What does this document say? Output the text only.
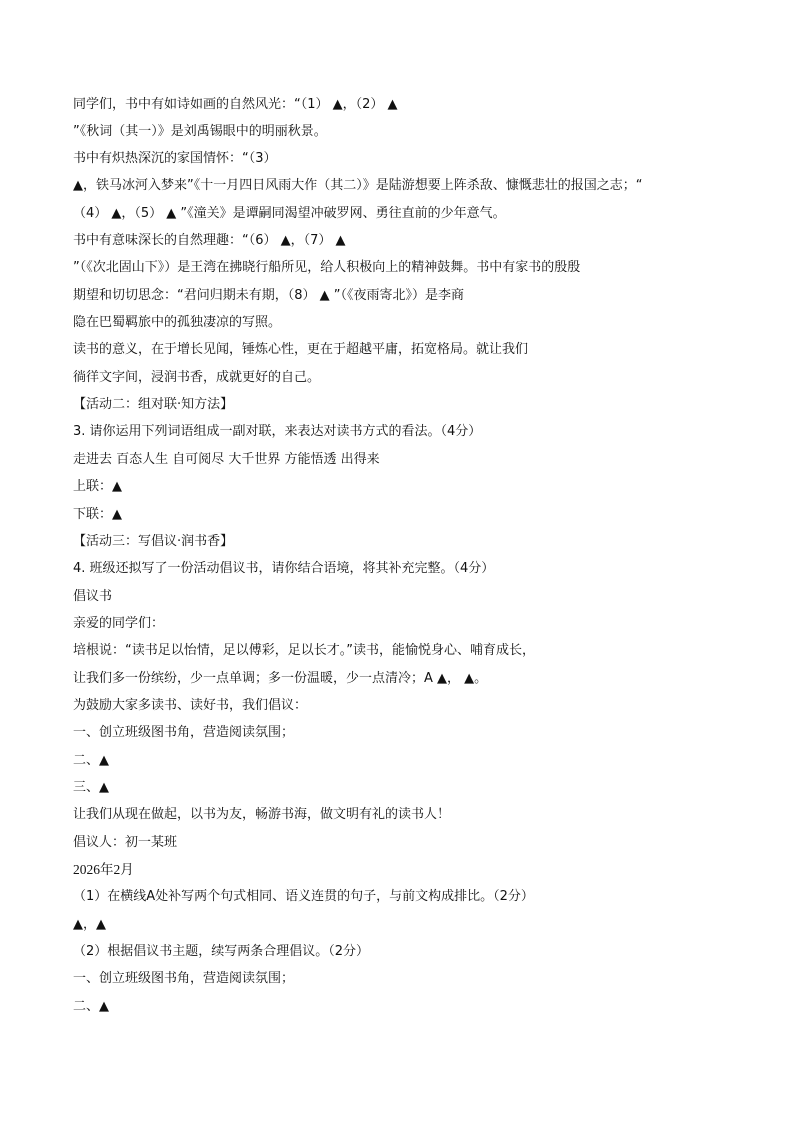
同学们，书中有如诗如画的自然风光：“（1） ▲，（2） ▲
”《秋词（其一）》是刘禹锡眼中的明丽秋景。
书中有炽热深沉的家国情怀：“（3）
▲，铁马冰河入梦来”《十一月四日风雨大作（其二）》是陆游想要上阵杀敌、慷慨悲壮的报国之志；“
（4） ▲，（5） ▲ ”《潼关》是谭嗣同渴望冲破罗网、勇往直前的少年意气。
书中有意味深长的自然理趣：“（6） ▲，（7） ▲
”（《次北固山下》）是王湾在拂晓行船所见，给人积极向上的精神鼓舞。书中有家书的殷殷
期望和切切思念：“君问归期未有期，（8） ▲ ”（《夜雨寄北》）是李商
隐在巴蜀羁旅中的孤独凄凉的写照。
读书的意义，在于增长见闻，锤炼心性，更在于超越平庸，拓宽格局。就让我们
徜徉文字间，浸润书香，成就更好的自己。
【活动二：组对联·知方法】
3. 请你运用下列词语组成一副对联，来表达对读书方式的看法。（4分）
走进去 百态人生 自可阅尽 大千世界 方能悟透 出得来
上联：▲
下联：▲
【活动三：写倡议·润书香】
4. 班级还拟写了一份活动倡议书，请你结合语境，将其补充完整。（4分）
倡议书
亲爱的同学们：
培根说：“读书足以怡情，足以傅彩，足以长才。”读书，能愉悦身心、哺育成长，
让我们多一份缤纷，少一点单调；多一份温暖，少一点清冷；A ▲， ▲。
为鼓励大家多读书、读好书，我们倡议：
一、创立班级图书角，营造阅读氛围；
二、▲
三、▲
让我们从现在做起，以书为友，畅游书海，做文明有礼的读书人！
倡议人：初一某班
2026年2月
（1）在横线A处补写两个句式相同、语义连贯的句子，与前文构成排比。（2分）
▲，▲
（2）根据倡议书主题，续写两条合理倡议。（2分）
一、创立班级图书角，营造阅读氛围；
二、▲
